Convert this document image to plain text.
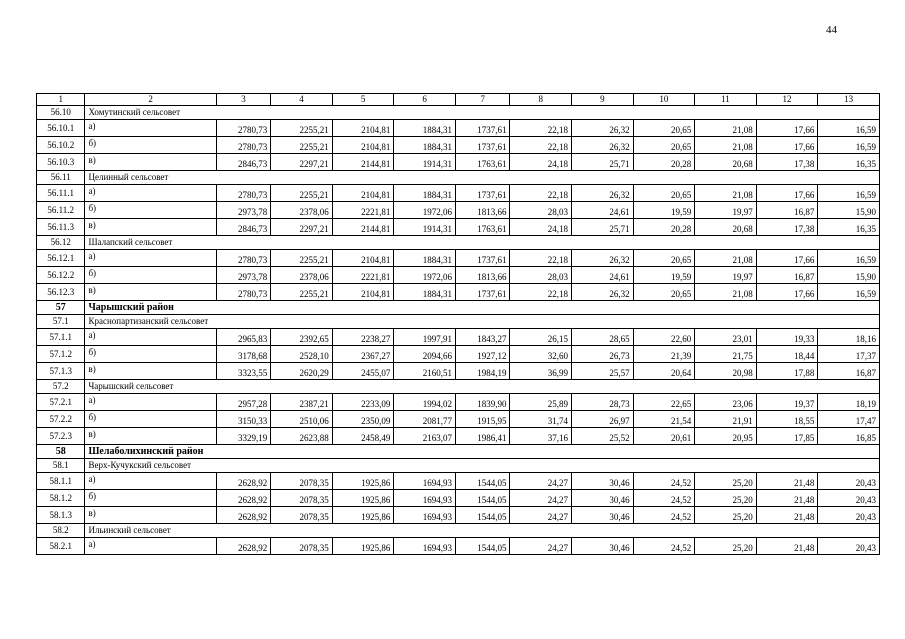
44
1	2	3	4	5	6	7	8	9	10	11	12	13
56.10	Хомутинский сельсовет											
56.10.1	а)	2780,73	2255,21	2104,81	1884,31	1737,61	22,18	26,32	20,65	21,08	17,66	16,59
56.10.2	б)	2780,73	2255,21	2104,81	1884,31	1737,61	22,18	26,32	20,65	21,08	17,66	16,59
56.10.3	в)	2846,73	2297,21	2144,81	1914,31	1763,61	24,18	25,71	20,28	20,68	17,38	16,35
56.11	Целинный сельсовет											
56.11.1	а)	2780,73	2255,21	2104,81	1884,31	1737,61	22,18	26,32	20,65	21,08	17,66	16,59
56.11.2	б)	2973,78	2378,06	2221,81	1972,06	1813,66	28,03	24,61	19,59	19,97	16,87	15,90
56.11.3	в)	2846,73	2297,21	2144,81	1914,31	1763,61	24,18	25,71	20,28	20,68	17,38	16,35
56.12	Шалапский сельсовет											
56.12.1	а)	2780,73	2255,21	2104,81	1884,31	1737,61	22,18	26,32	20,65	21,08	17,66	16,59
56.12.2	б)	2973,78	2378,06	2221,81	1972,06	1813,66	28,03	24,61	19,59	19,97	16,87	15,90
56.12.3	в)	2780,73	2255,21	2104,81	1884,31	1737,61	22,18	26,32	20,65	21,08	17,66	16,59
57	Чарышский район											
57.1	Краснопартизанский сельсовет											
57.1.1	а)	2965,83	2392,65	2238,27	1997,91	1843,27	26,15	28,65	22,60	23,01	19,33	18,16
57.1.2	б)	3178,68	2528,10	2367,27	2094,66	1927,12	32,60	26,73	21,39	21,75	18,44	17,37
57.1.3	в)	3323,55	2620,29	2455,07	2160,51	1984,19	36,99	25,57	20,64	20,98	17,88	16,87
57.2	Чарышский сельсовет											
57.2.1	а)	2957,28	2387,21	2233,09	1994,02	1839,90	25,89	28,73	22,65	23,06	19,37	18,19
57.2.2	б)	3150,33	2510,06	2350,09	2081,77	1915,95	31,74	26,97	21,54	21,91	18,55	17,47
57.2.3	в)	3329,19	2623,88	2458,49	2163,07	1986,41	37,16	25,52	20,61	20,95	17,85	16,85
58	Шелаболихинский район											
58.1	Верх-Кучукский сельсовет											
58.1.1	а)	2628,92	2078,35	1925,86	1694,93	1544,05	24,27	30,46	24,52	25,20	21,48	20,43
58.1.2	б)	2628,92	2078,35	1925,86	1694,93	1544,05	24,27	30,46	24,52	25,20	21,48	20,43
58.1.3	в)	2628,92	2078,35	1925,86	1694,93	1544,05	24,27	30,46	24,52	25,20	21,48	20,43
58.2	Ильинский сельсовет											
58.2.1	а)	2628,92	2078,35	1925,86	1694,93	1544,05	24,27	30,46	24,52	25,20	21,48	20,43
